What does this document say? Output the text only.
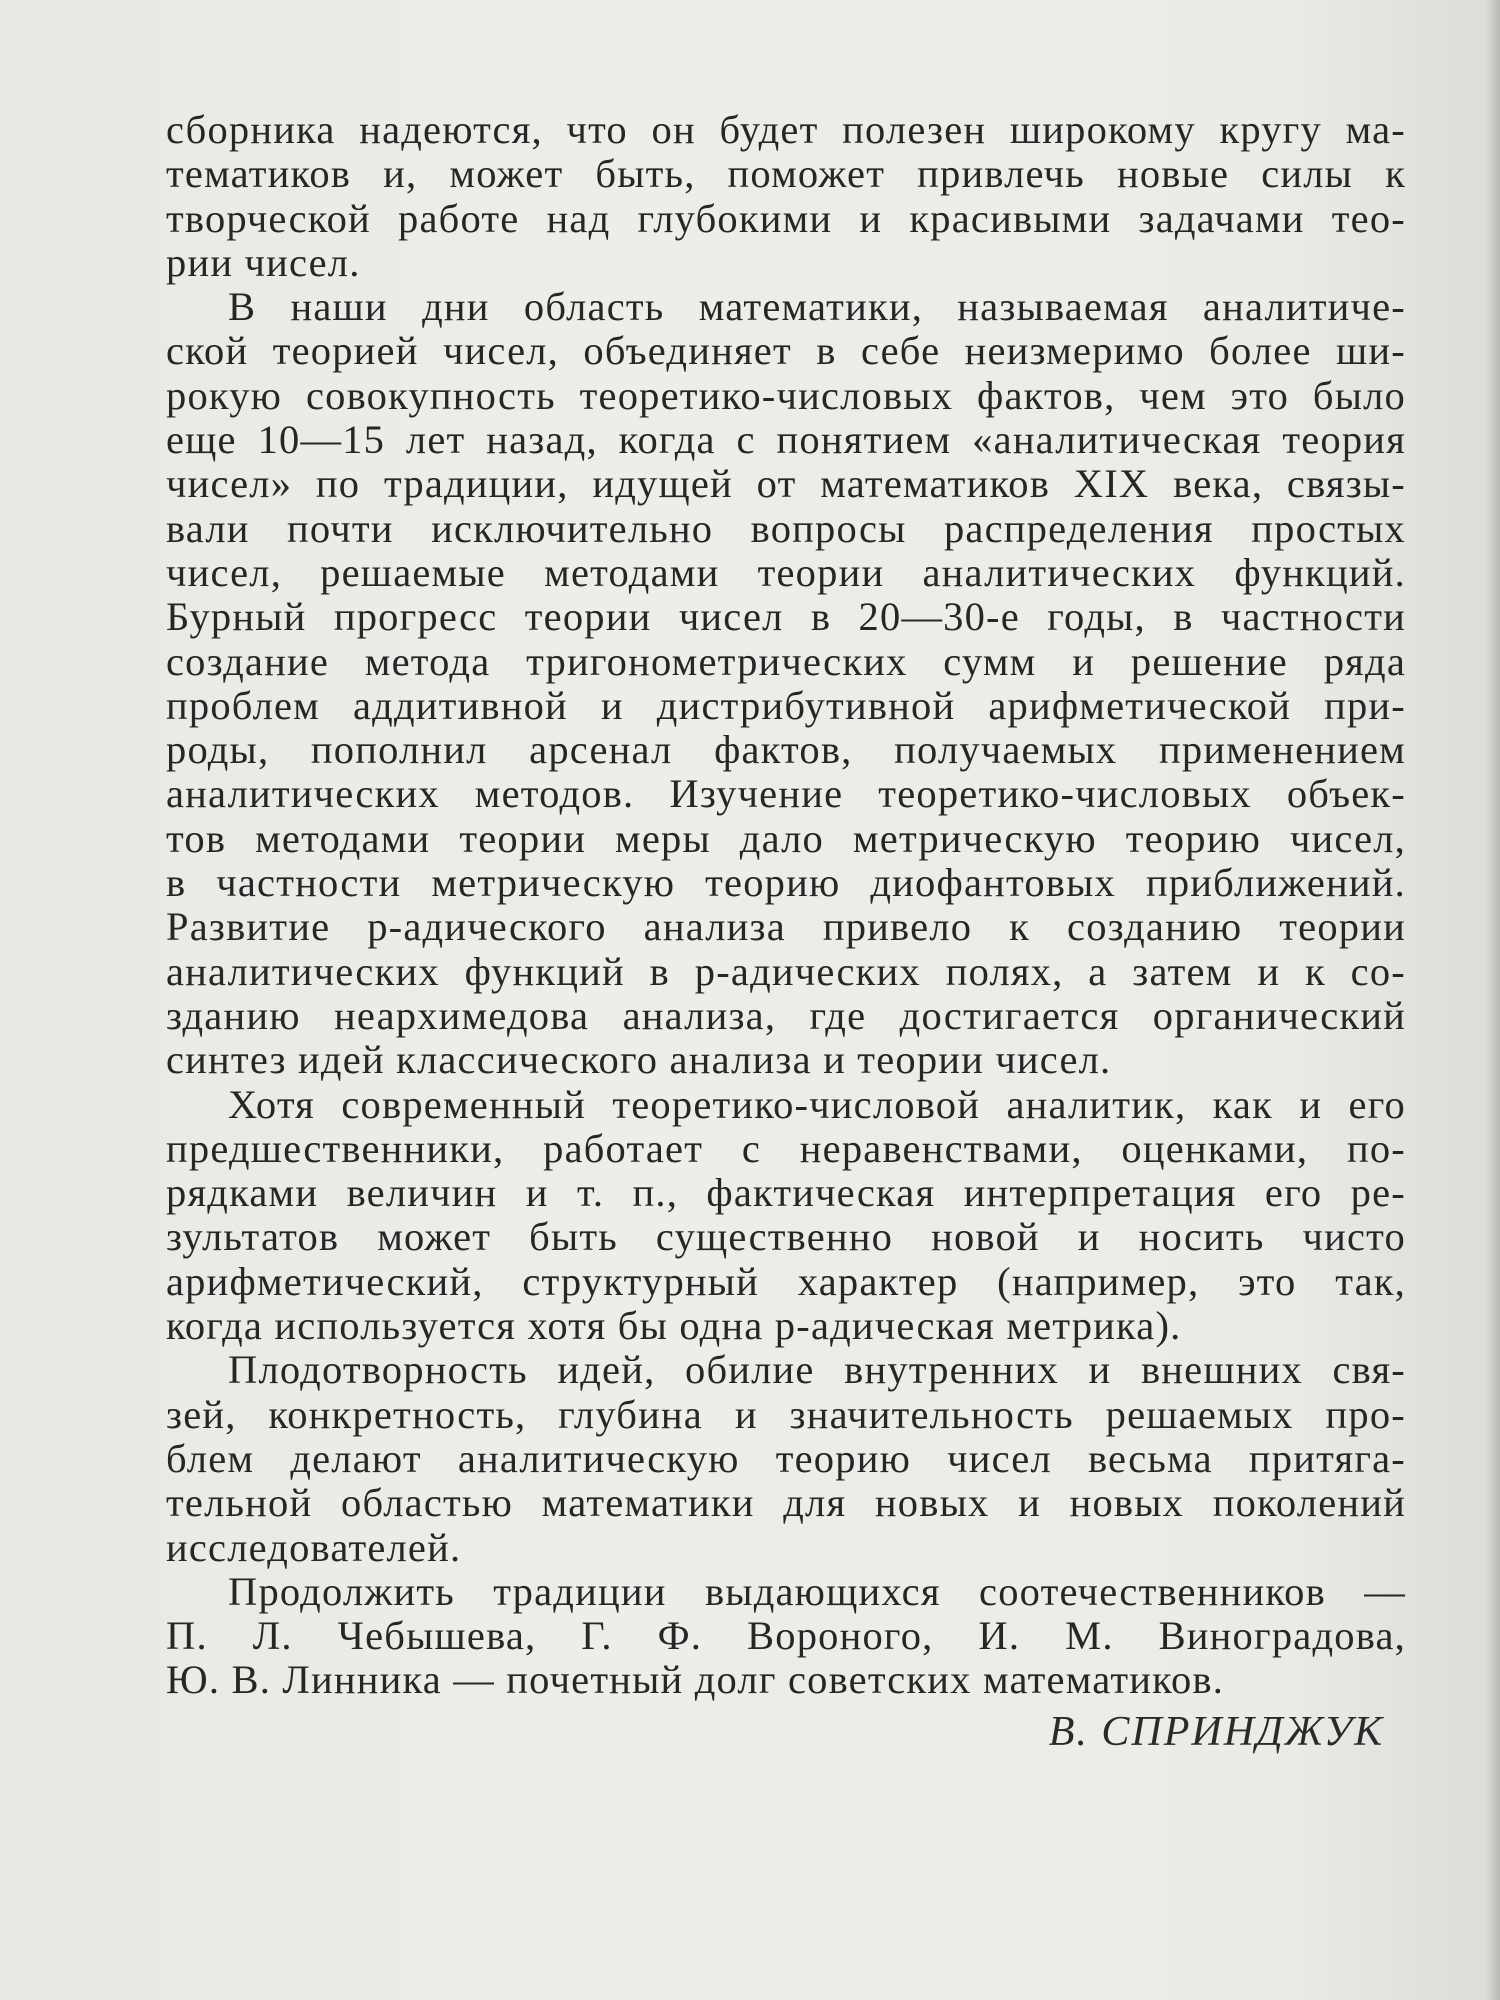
сборника надеются, что он будет полезен широкому кругу ма-
тематиков и, может быть, поможет привлечь новые силы к
творческой работе над глубокими и красивыми задачами тео-
рии чисел.
В наши дни область математики, называемая аналитиче-
ской теорией чисел, объединяет в себе неизмеримо более ши-
рокую совокупность теоретико-числовых фактов, чем это было
еще 10—15 лет назад, когда с понятием «аналитическая теория
чисел» по традиции, идущей от математиков XIX века, связы-
вали почти исключительно вопросы распределения простых
чисел, решаемые методами теории аналитических функций.
Бурный прогресс теории чисел в 20—30-е годы, в частности
создание метода тригонометрических сумм и решение ряда
проблем аддитивной и дистрибутивной арифметической при-
роды, пополнил арсенал фактов, получаемых применением
аналитических методов. Изучение теоретико-числовых объек-
тов методами теории меры дало метрическую теорию чисел,
в частности метрическую теорию диофантовых приближений.
Развитие p-адического анализа привело к созданию теории
аналитических функций в p-адических полях, а затем и к со-
зданию неархимедова анализа, где достигается органический
синтез идей классического анализа и теории чисел.
Хотя современный теоретико-числовой аналитик, как и его
предшественники, работает с неравенствами, оценками, по-
рядками величин и т. п., фактическая интерпретация его ре-
зультатов может быть существенно новой и носить чисто
арифметический, структурный характер (например, это так,
когда используется хотя бы одна p-адическая метрика).
Плодотворность идей, обилие внутренних и внешних свя-
зей, конкретность, глубина и значительность решаемых про-
блем делают аналитическую теорию чисел весьма притяга-
тельной областью математики для новых и новых поколений
исследователей.
Продолжить традиции выдающихся соотечественников —
П. Л. Чебышева, Г. Ф. Вороного, И. М. Виноградова,
Ю. В. Линника — почетный долг советских математиков.
В. СПРИНДЖУК
